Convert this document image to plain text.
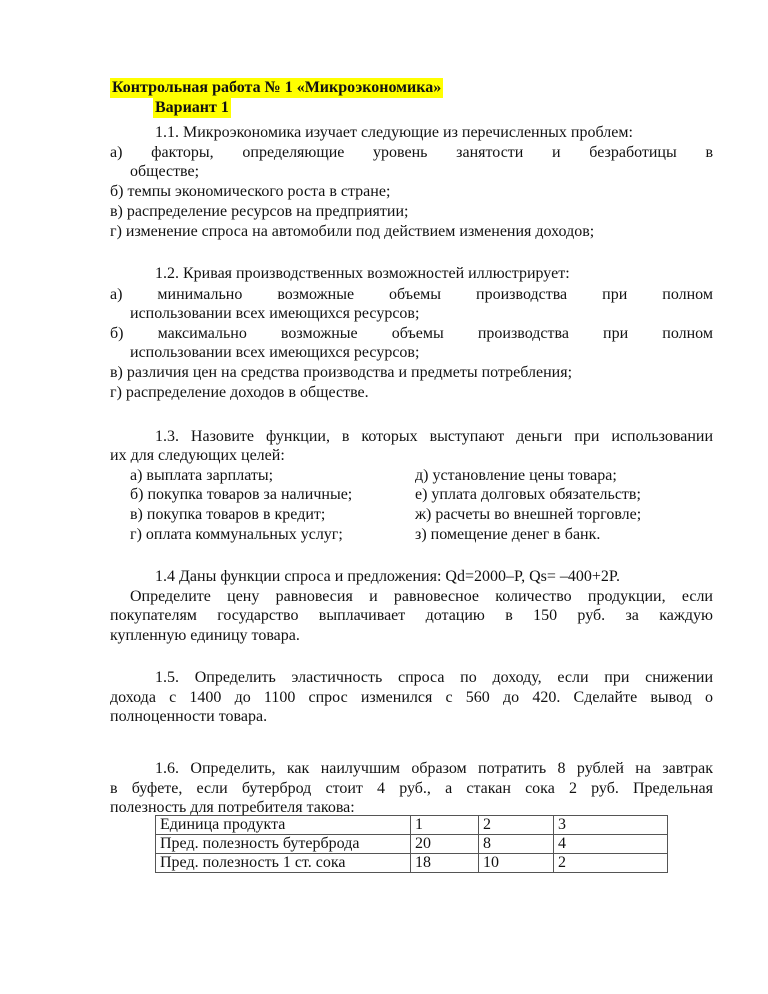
Контрольная работа № 1 «Микроэкономика»
Вариант 1
1.1. Микроэкономика изучает следующие из перечисленных проблем:
а) факторы, определяющие уровень занятости и безработицы в
обществе;
б) темпы экономического роста в стране;
в) распределение ресурсов на предприятии;
г) изменение спроса на автомобили под действием изменения доходов;
1.2. Кривая производственных возможностей иллюстрирует:
а) минимально возможные объемы производства при полном
использовании всех имеющихся ресурсов;
б) максимально возможные объемы производства при полном
использовании всех имеющихся ресурсов;
в) различия цен на средства производства и предметы потребления;
г) распределение доходов в обществе.
1.3. Назовите функции, в которых выступают деньги при использовании
их для следующих целей:
а) выплата зарплаты;
б) покупка товаров за наличные;
в) покупка товаров в кредит;
г) оплата коммунальных услуг;
д) установление цены товара;
е) уплата долговых обязательств;
ж) расчеты во внешней торговле;
з) помещение денег в банк.
1.4 Даны функции спроса и предложения: Qd=2000–P, Qs= –400+2P.
Определите цену равновесия и равновесное количество продукции, если
покупателям государство выплачивает дотацию в 150 руб. за каждую
купленную единицу товара.
1.5. Определить эластичность спроса по доходу, если при снижении
дохода с 1400 до 1100 спрос изменился с 560 до 420. Сделайте вывод о
полноценности товара.
1.6. Определить, как наилучшим образом потратить 8 рублей на завтрак
в буфете, если бутерброд стоит 4 руб., а стакан сока 2 руб. Предельная
полезность для потребителя такова:
Единица продукта	1	2	3
Пред. полезность бутерброда	20	8	4
Пред. полезность 1 ст. сока	18	10	2
